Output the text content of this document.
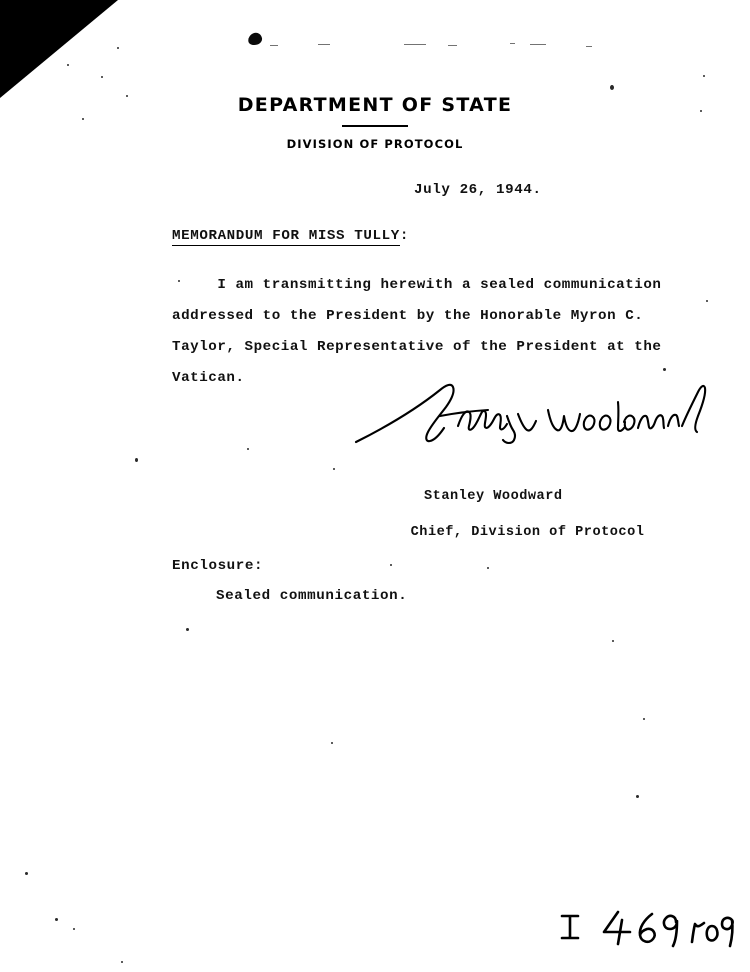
DEPARTMENT OF STATE
DIVISION OF PROTOCOL
July 26, 1944.
MEMORANDUM FOR MISS TULLY:
I am transmitting herewith a sealed communication addressed to the President by the Honorable Myron C. Taylor, Special Representative of the President at the Vatican.

Stanley Woodward

Chief, Division of Protocol

Enclosure:
Sealed communication.
